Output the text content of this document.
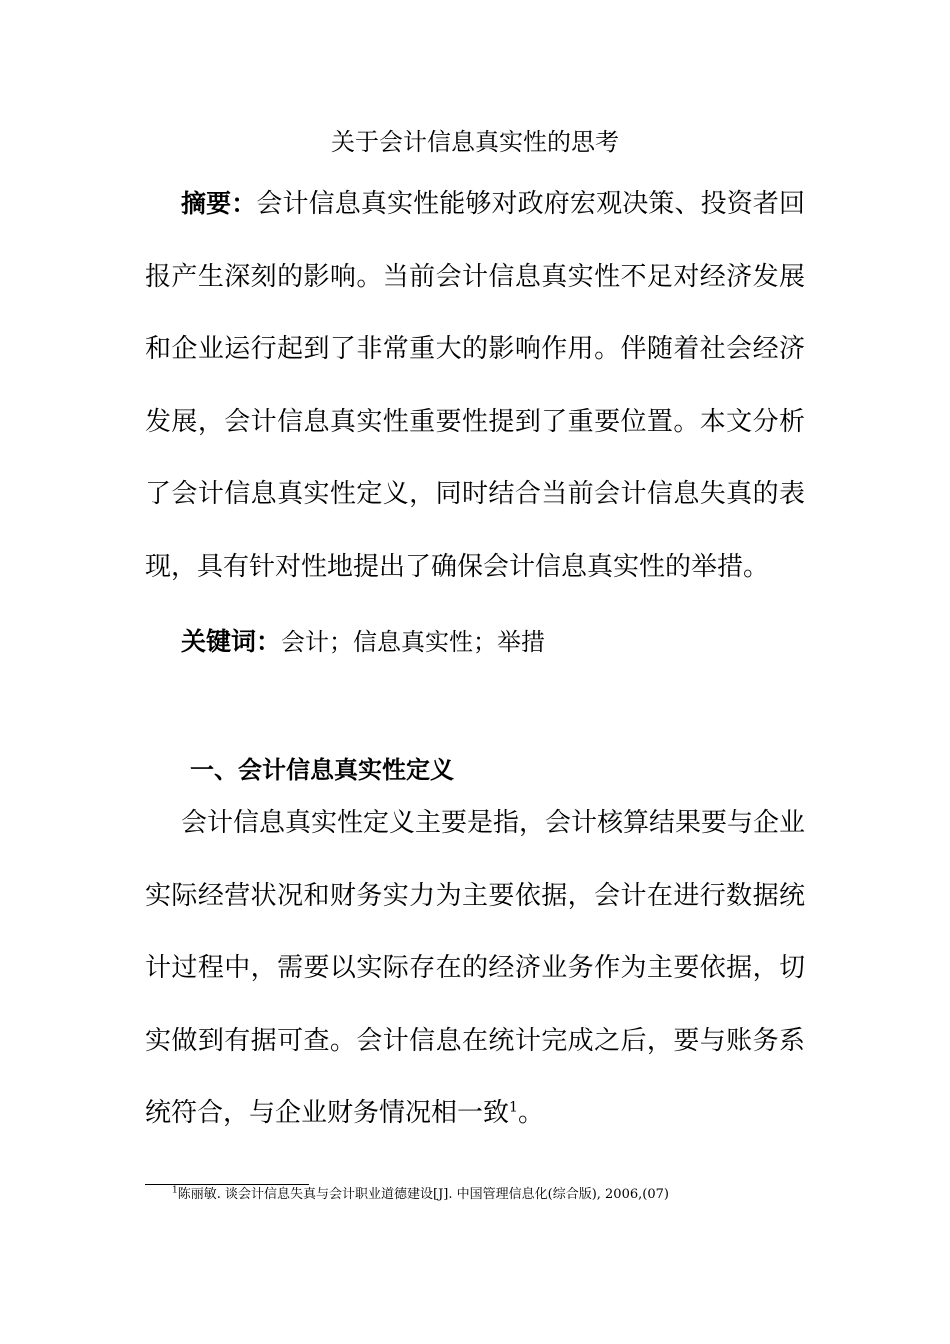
关于会计信息真实性的思考
摘要：会计信息真实性能够对政府宏观决策、投资者回报产生深刻的影响。当前会计信息真实性不足对经济发展和企业运行起到了非常重大的影响作用。伴随着社会经济发展，会计信息真实性重要性提到了重要位置。本文分析了会计信息真实性定义，同时结合当前会计信息失真的表现，具有针对性地提出了确保会计信息真实性的举措。
关键词：会计；信息真实性；举措
一、会计信息真实性定义
会计信息真实性定义主要是指，会计核算结果要与企业实际经营状况和财务实力为主要依据，会计在进行数据统计过程中，需要以实际存在的经济业务作为主要依据，切实做到有据可查。会计信息在统计完成之后，要与账务系统符合，与企业财务情况相一致$^1$。
$^1$陈丽敏. 谈会计信息失真与会计职业道德建设[J]. 中国管理信息化(综合版), 2006,(07)
